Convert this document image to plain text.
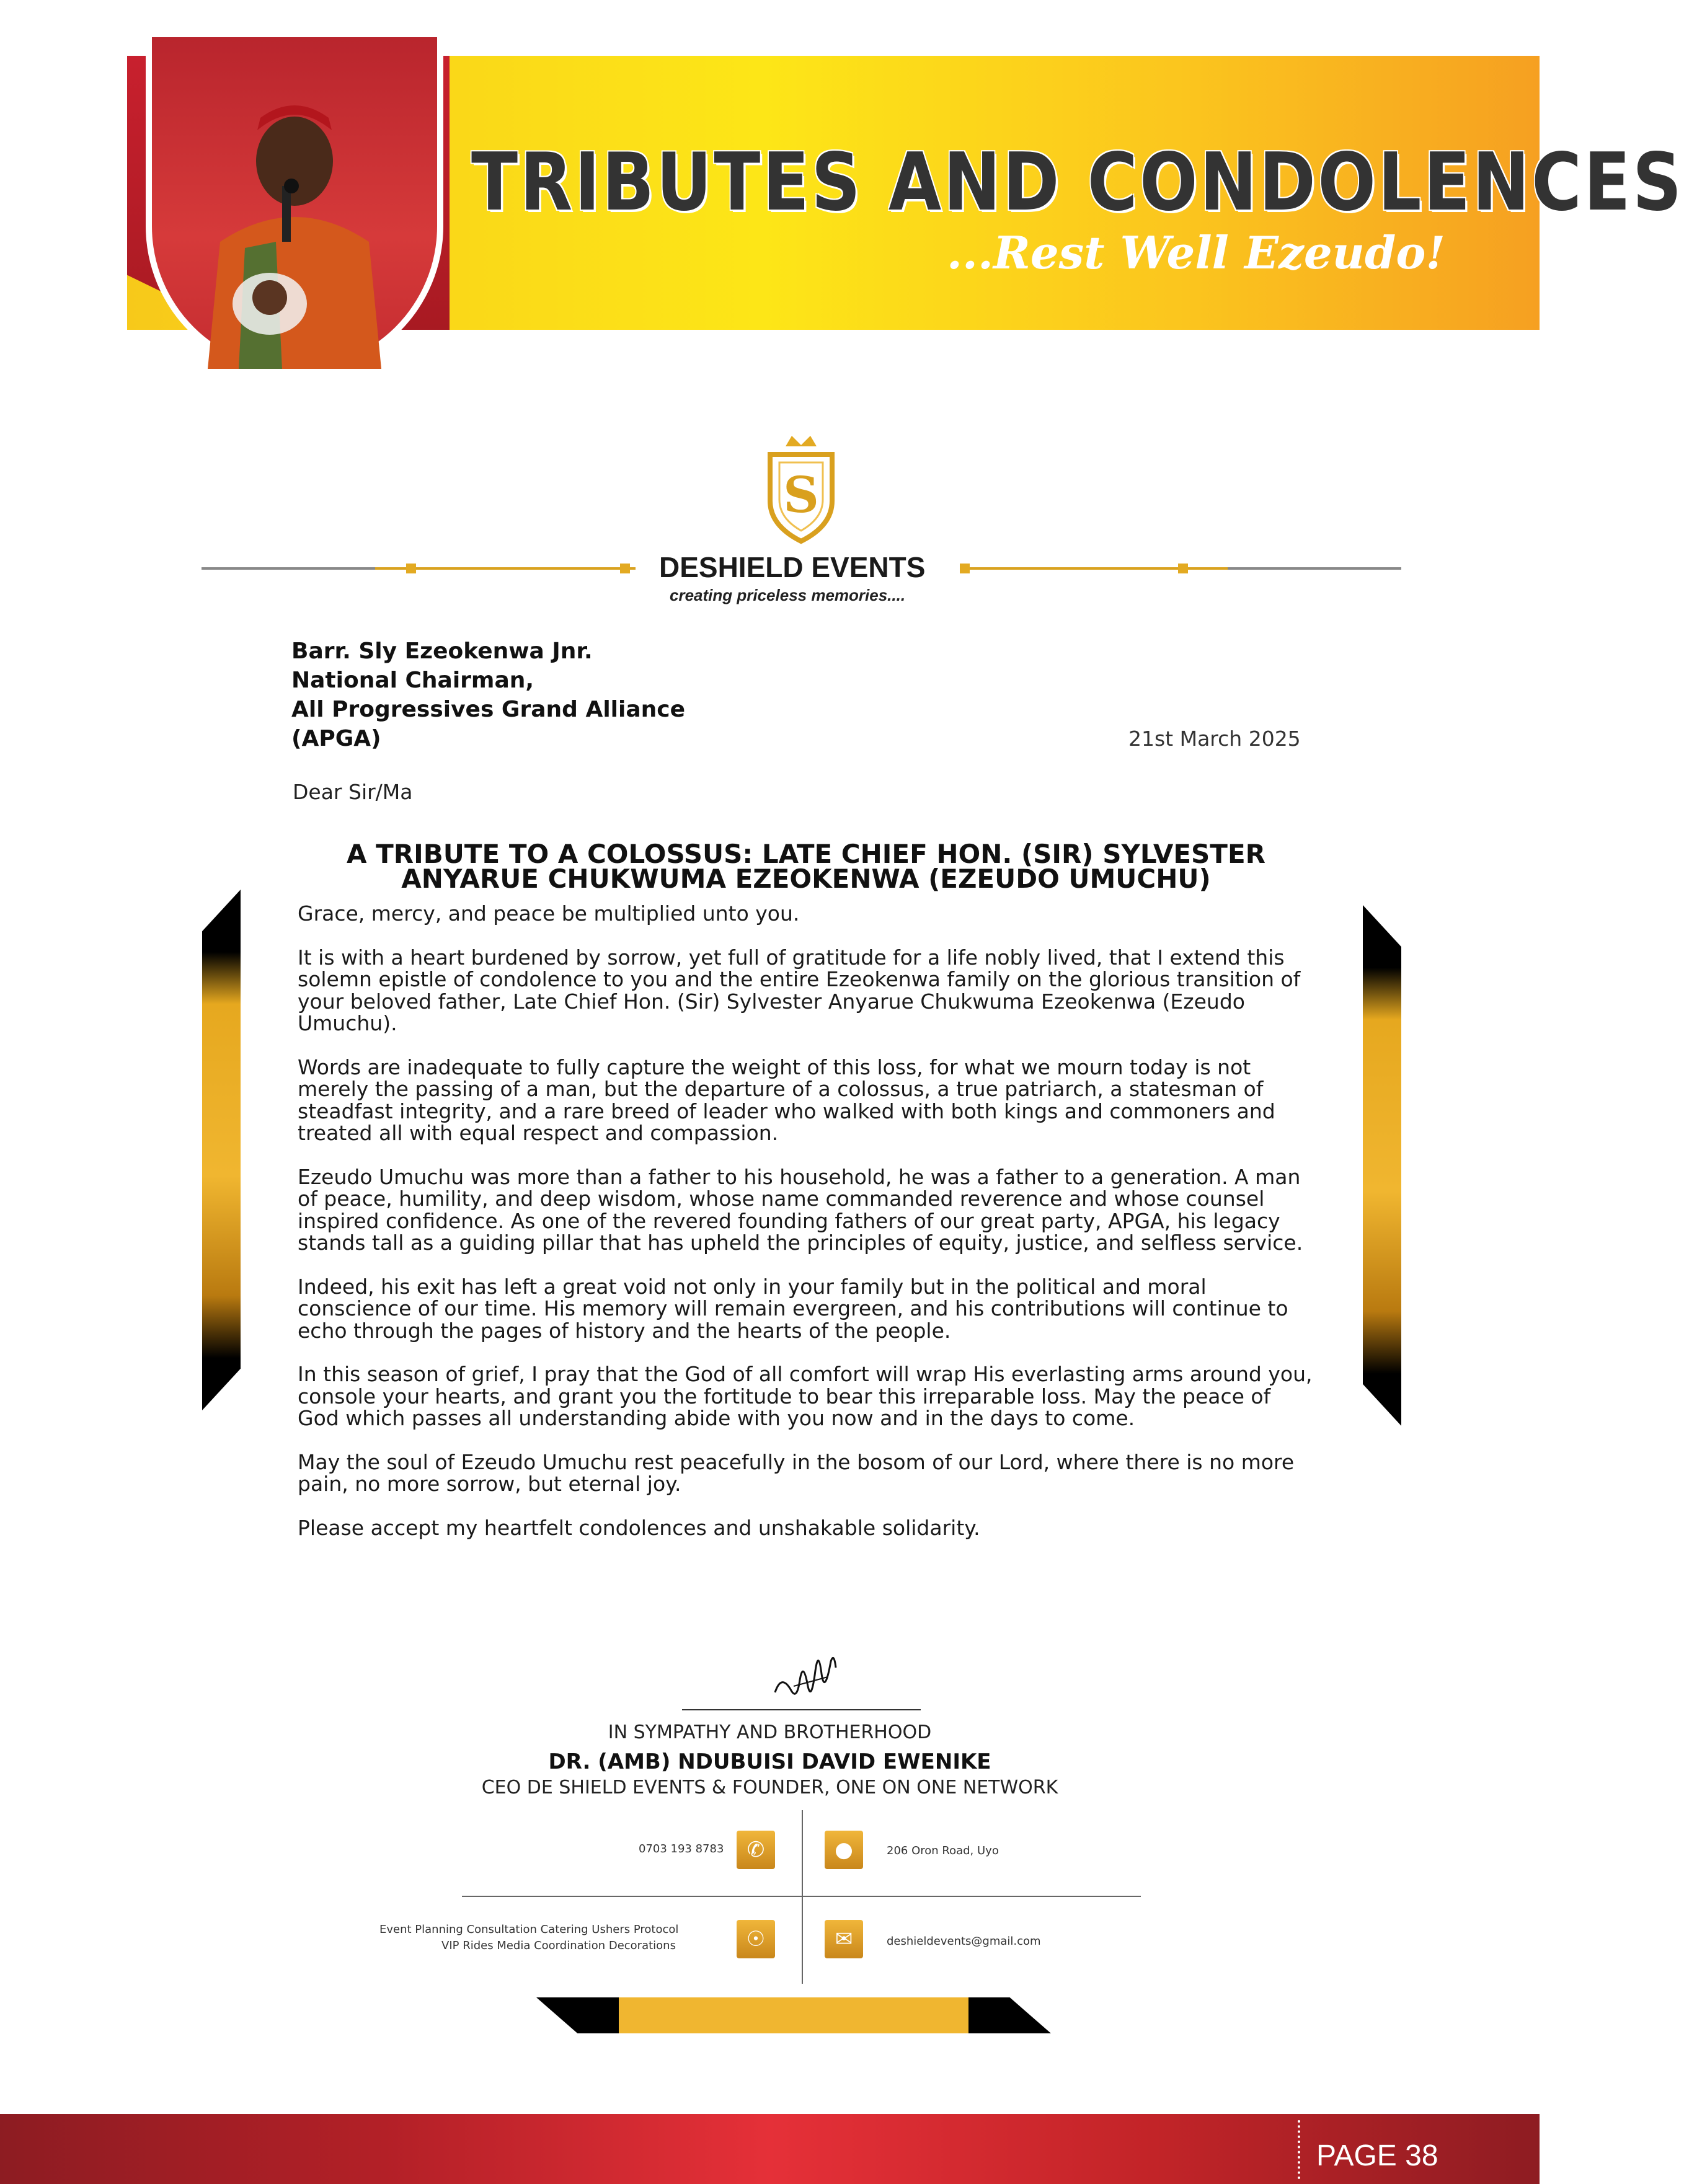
TRIBUTES AND CONDOLENCES
...Rest Well Ezeudo!
S
DESHIELD EVENTS
creating priceless memories....
Barr. Sly Ezeokenwa Jnr.
National Chairman,
All Progressives Grand Alliance
(APGA)	21st March 2025
Dear Sir/Ma
A TRIBUTE TO A COLOSSUS: LATE CHIEF HON. (SIR) SYLVESTER ANYARUE CHUKWUMA EZEOKENWA (EZEUDO UMUCHU)

Grace, mercy, and peace be multiplied unto you.

It is with a heart burdened by sorrow, yet full of gratitude for a life nobly lived, that I extend this solemn epistle of condolence to you and the entire Ezeokenwa family on the glorious transition of your beloved father, Late Chief Hon. (Sir) Sylvester Anyarue Chukwuma Ezeokenwa (Ezeudo Umuchu).

Words are inadequate to fully capture the weight of this loss, for what we mourn today is not merely the passing of a man, but the departure of a colossus, a true patriarch, a statesman of steadfast integrity, and a rare breed of leader who walked with both kings and commoners and treated all with equal respect and compassion.

Ezeudo Umuchu was more than a father to his household, he was a father to a generation. A man of peace, humility, and deep wisdom, whose name commanded reverence and whose counsel inspired confidence. As one of the revered founding fathers of our great party, APGA, his legacy stands tall as a guiding pillar that has upheld the principles of equity, justice, and selfless service.

Indeed, his exit has left a great void not only in your family but in the political and moral conscience of our time. His memory will remain evergreen, and his contributions will continue to echo through the pages of history and the hearts of the people.

In this season of grief, I pray that the God of all comfort will wrap His everlasting arms around you, console your hearts, and grant you the fortitude to bear this irreparable loss. May the peace of God which passes all understanding abide with you now and in the days to come.

May the soul of Ezeudo Umuchu rest peacefully in the bosom of our Lord, where there is no more pain, no more sorrow, but eternal joy.

Please accept my heartfelt condolences and unshakable solidarity.

IN SYMPATHY AND BROTHERHOOD
DR. (AMB) NDUBUISI DAVID EWENIKE
CEO DE SHIELD EVENTS & FOUNDER, ONE ON ONE NETWORK
0703 193 8783	✆	●	206 Oron Road, Uyo
Event Planning Consultation Catering Ushers Protocol
VIP Rides Media Coordination Decorations	☉	✉	deshieldevents@gmail.com
PAGE 38
